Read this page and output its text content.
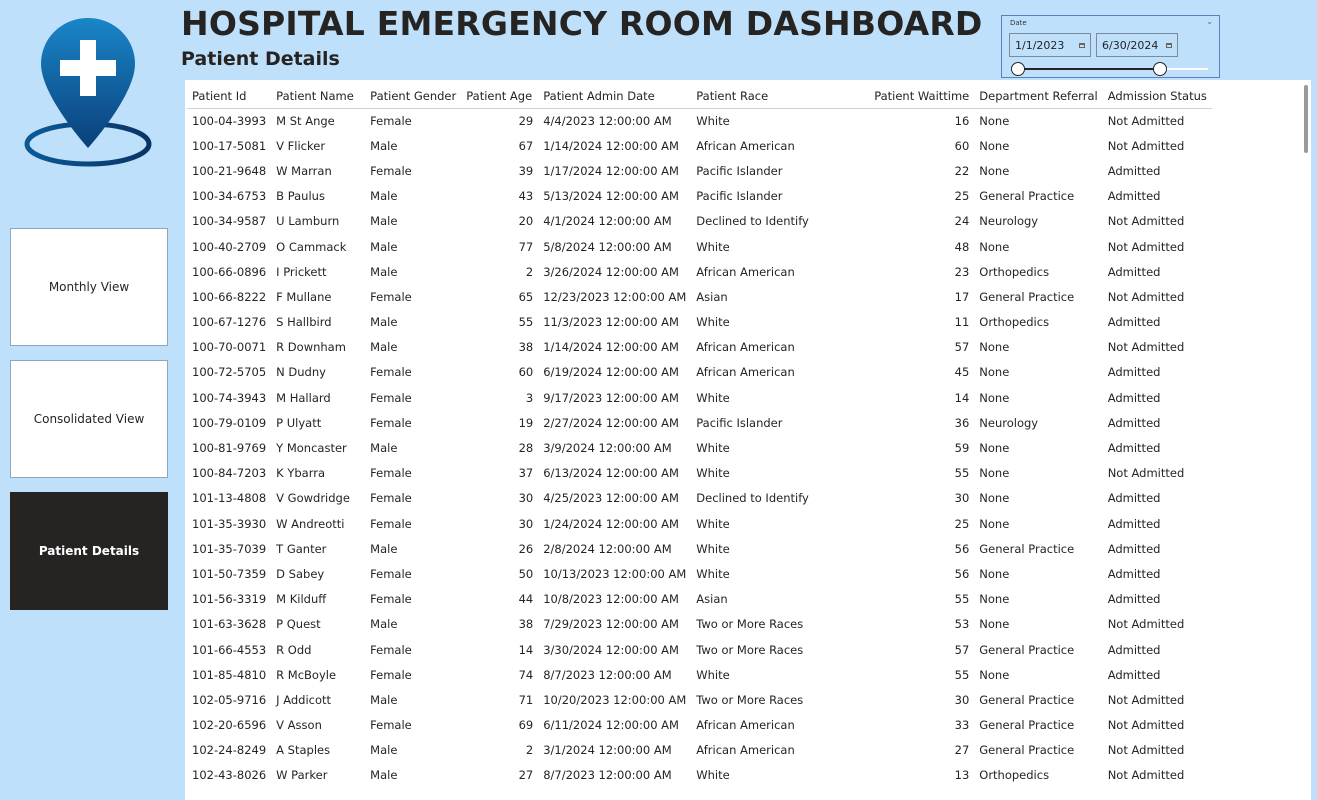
Monthly View
Consolidated View
Patient Details
HOSPITAL EMERGENCY ROOM DASHBOARD
Patient Details
Date	⌄
1/1/2023	6/30/2024
Patient Id	Patient Name	Patient Gender	Patient Age	Patient Admin Date	Patient Race	Patient Waittime	Department Referral	Admission Status
100-04-3993	M St Ange	Female	29	4/4/2023 12:00:00 AM	White	16	None	Not Admitted
100-17-5081	V Flicker	Male	67	1/14/2024 12:00:00 AM	African American	60	None	Not Admitted
100-21-9648	W Marran	Female	39	1/17/2024 12:00:00 AM	Pacific Islander	22	None	Admitted
100-34-6753	B Paulus	Male	43	5/13/2024 12:00:00 AM	Pacific Islander	25	General Practice	Admitted
100-34-9587	U Lamburn	Male	20	4/1/2024 12:00:00 AM	Declined to Identify	24	Neurology	Not Admitted
100-40-2709	O Cammack	Male	77	5/8/2024 12:00:00 AM	White	48	None	Not Admitted
100-66-0896	I Prickett	Male	2	3/26/2024 12:00:00 AM	African American	23	Orthopedics	Admitted
100-66-8222	F Mullane	Female	65	12/23/2023 12:00:00 AM	Asian	17	General Practice	Not Admitted
100-67-1276	S Hallbird	Male	55	11/3/2023 12:00:00 AM	White	11	Orthopedics	Admitted
100-70-0071	R Downham	Male	38	1/14/2024 12:00:00 AM	African American	57	None	Not Admitted
100-72-5705	N Dudny	Female	60	6/19/2024 12:00:00 AM	African American	45	None	Admitted
100-74-3943	M Hallard	Female	3	9/17/2023 12:00:00 AM	White	14	None	Admitted
100-79-0109	P Ulyatt	Female	19	2/27/2024 12:00:00 AM	Pacific Islander	36	Neurology	Admitted
100-81-9769	Y Moncaster	Male	28	3/9/2024 12:00:00 AM	White	59	None	Admitted
100-84-7203	K Ybarra	Female	37	6/13/2024 12:00:00 AM	White	55	None	Not Admitted
101-13-4808	V Gowdridge	Female	30	4/25/2023 12:00:00 AM	Declined to Identify	30	None	Admitted
101-35-3930	W Andreotti	Female	30	1/24/2024 12:00:00 AM	White	25	None	Admitted
101-35-7039	T Ganter	Male	26	2/8/2024 12:00:00 AM	White	56	General Practice	Admitted
101-50-7359	D Sabey	Female	50	10/13/2023 12:00:00 AM	White	56	None	Admitted
101-56-3319	M Kilduff	Female	44	10/8/2023 12:00:00 AM	Asian	55	None	Admitted
101-63-3628	P Quest	Male	38	7/29/2023 12:00:00 AM	Two or More Races	53	None	Not Admitted
101-66-4553	R Odd	Female	14	3/30/2024 12:00:00 AM	Two or More Races	57	General Practice	Admitted
101-85-4810	R McBoyle	Female	74	8/7/2023 12:00:00 AM	White	55	None	Admitted
102-05-9716	J Addicott	Male	71	10/20/2023 12:00:00 AM	Two or More Races	30	General Practice	Not Admitted
102-20-6596	V Asson	Female	69	6/11/2024 12:00:00 AM	African American	33	General Practice	Not Admitted
102-24-8249	A Staples	Male	2	3/1/2024 12:00:00 AM	African American	27	General Practice	Not Admitted
102-43-8026	W Parker	Male	27	8/7/2023 12:00:00 AM	White	13	Orthopedics	Not Admitted
